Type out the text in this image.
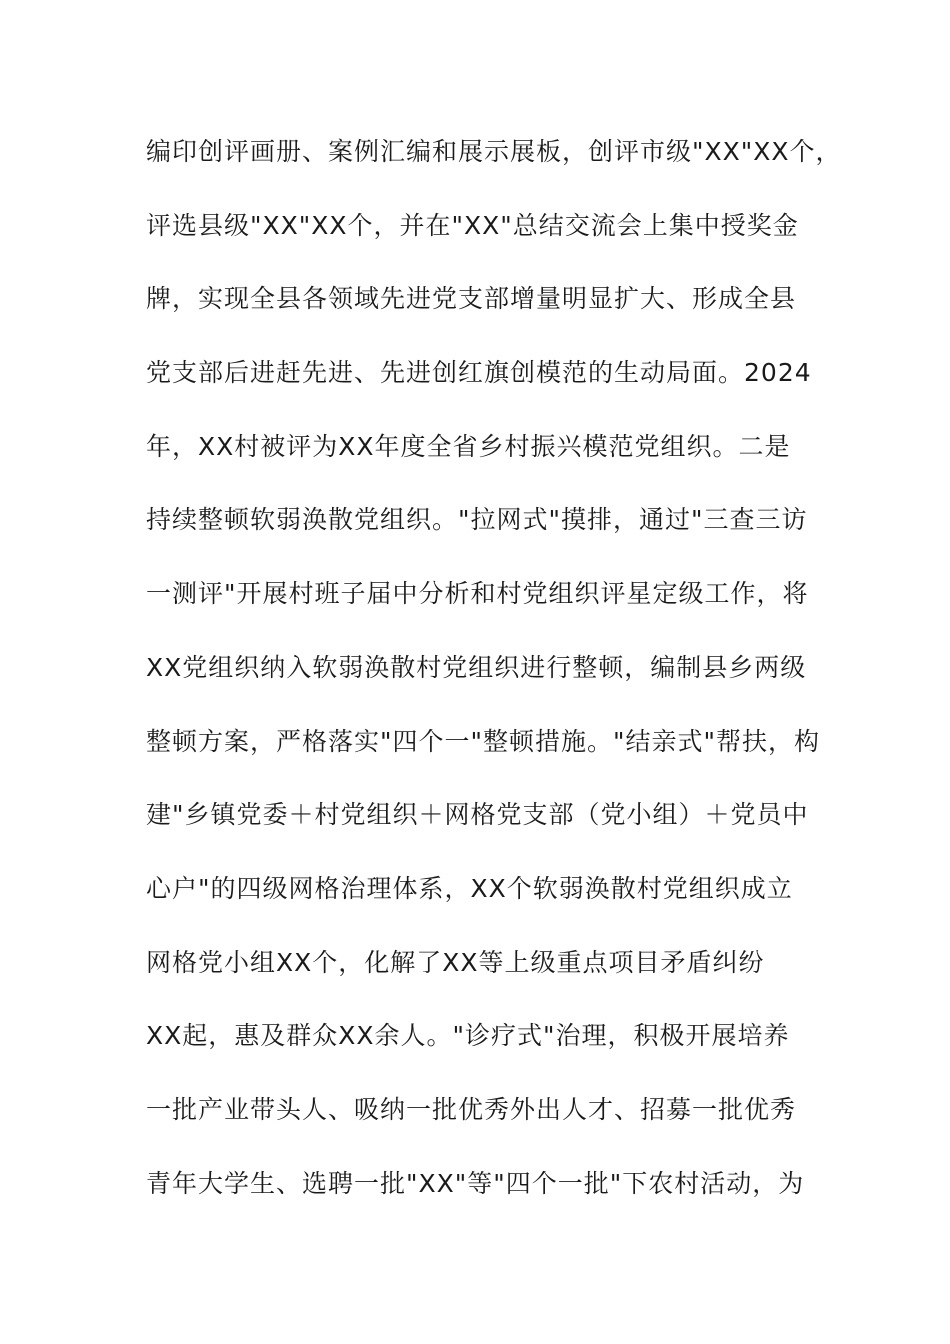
编印创评画册、案例汇编和展示展板，创评市级"XX"XX个，
评选县级"XX"XX个，并在"XX"总结交流会上集中授奖金
牌，实现全县各领域先进党支部增量明显扩大、形成全县
党支部后进赶先进、先进创红旗创模范的生动局面。2024
年，XX村被评为XX年度全省乡村振兴模范党组织。二是
持续整顿软弱涣散党组织。"拉网式"摸排，通过"三查三访
一测评"开展村班子届中分析和村党组织评星定级工作，将
XX党组织纳入软弱涣散村党组织进行整顿，编制县乡两级
整顿方案，严格落实"四个一"整顿措施。"结亲式"帮扶，构
建"乡镇党委＋村党组织＋网格党支部（党小组）＋党员中
心户"的四级网格治理体系，XX个软弱涣散村党组织成立
网格党小组XX个，化解了XX等上级重点项目矛盾纠纷
XX起，惠及群众XX余人。"诊疗式"治理，积极开展培养
一批产业带头人、吸纳一批优秀外出人才、招募一批优秀
青年大学生、选聘一批"XX"等"四个一批"下农村活动，为
